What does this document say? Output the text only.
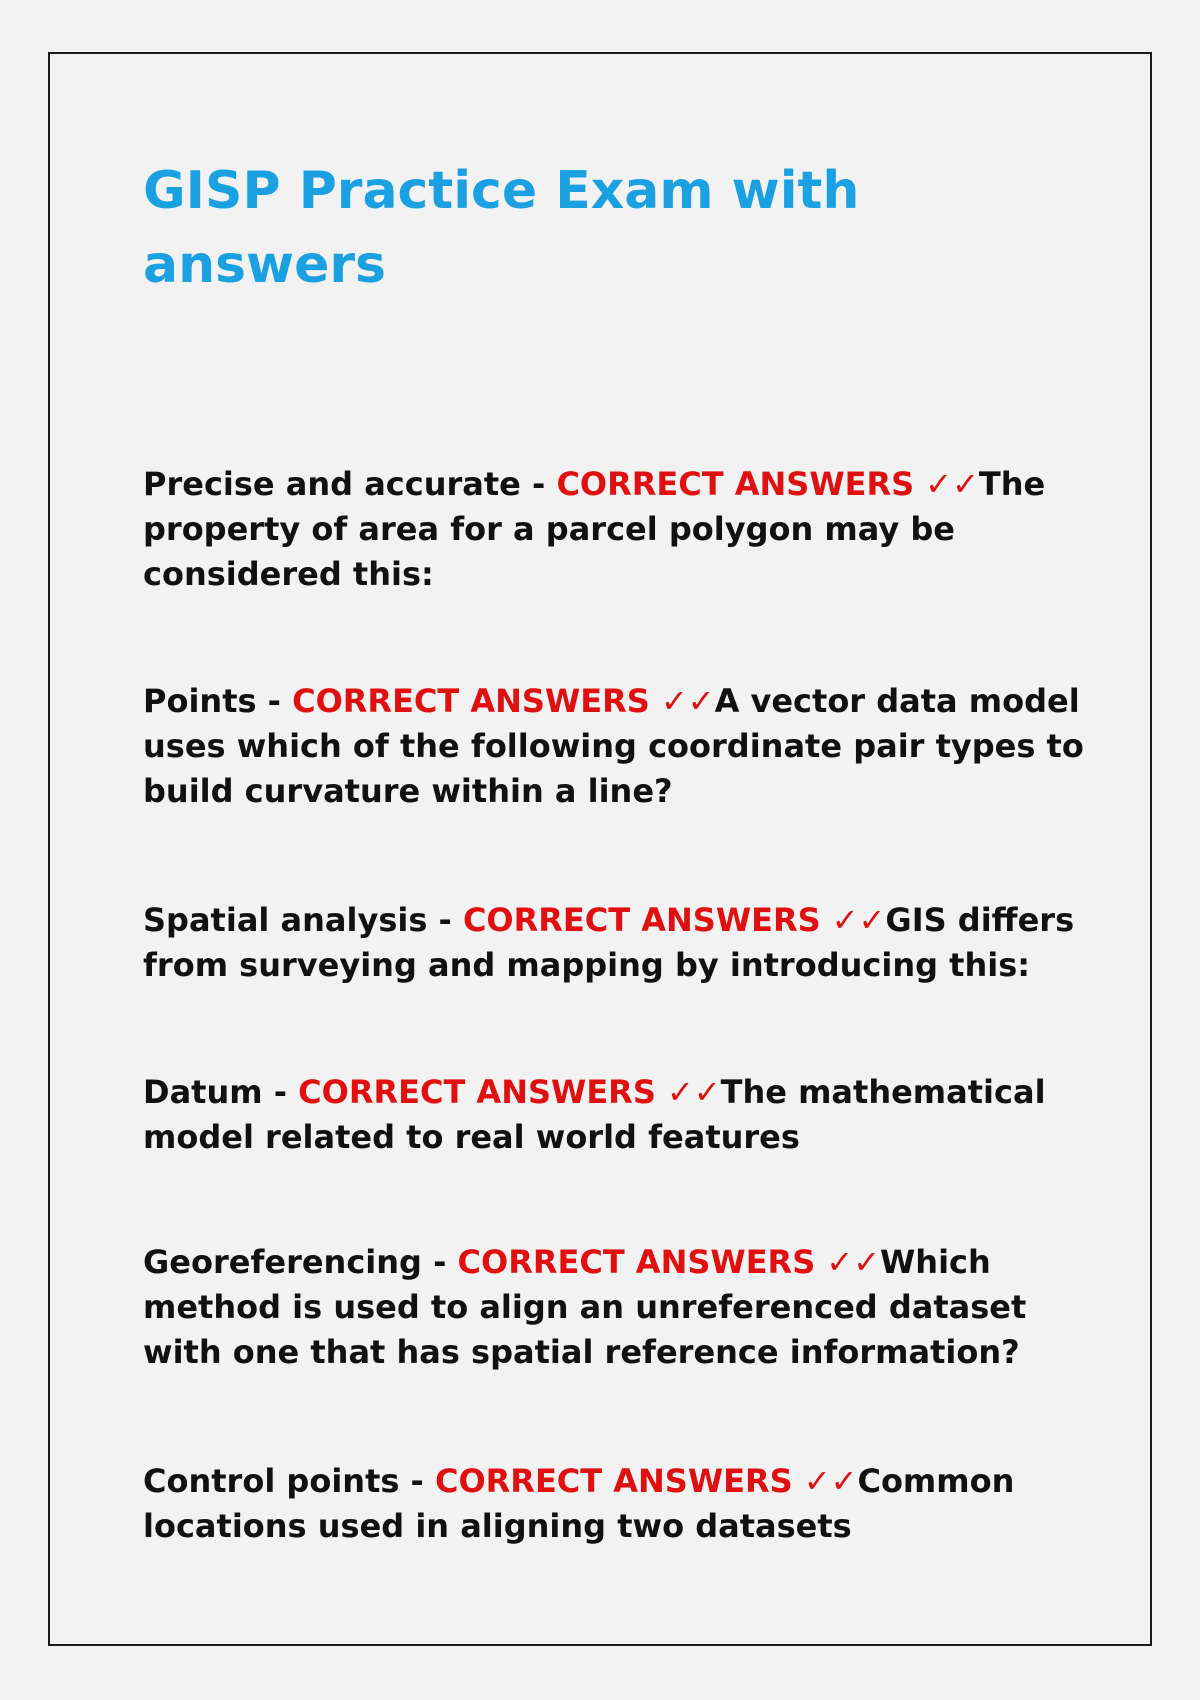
GISP Practice Exam with answers

Precise and accurate - CORRECT ANSWERS ✓✓The property of area for a parcel polygon may be considered this:

Points - CORRECT ANSWERS ✓✓A vector data model uses which of the following coordinate pair types to build curvature within a line?

Spatial analysis - CORRECT ANSWERS ✓✓GIS differs from surveying and mapping by introducing this:

Datum - CORRECT ANSWERS ✓✓The mathematical model related to real world features

Georeferencing - CORRECT ANSWERS ✓✓Which method is used to align an unreferenced dataset with one that has spatial reference information?

Control points - CORRECT ANSWERS ✓✓Common locations used in aligning two datasets
